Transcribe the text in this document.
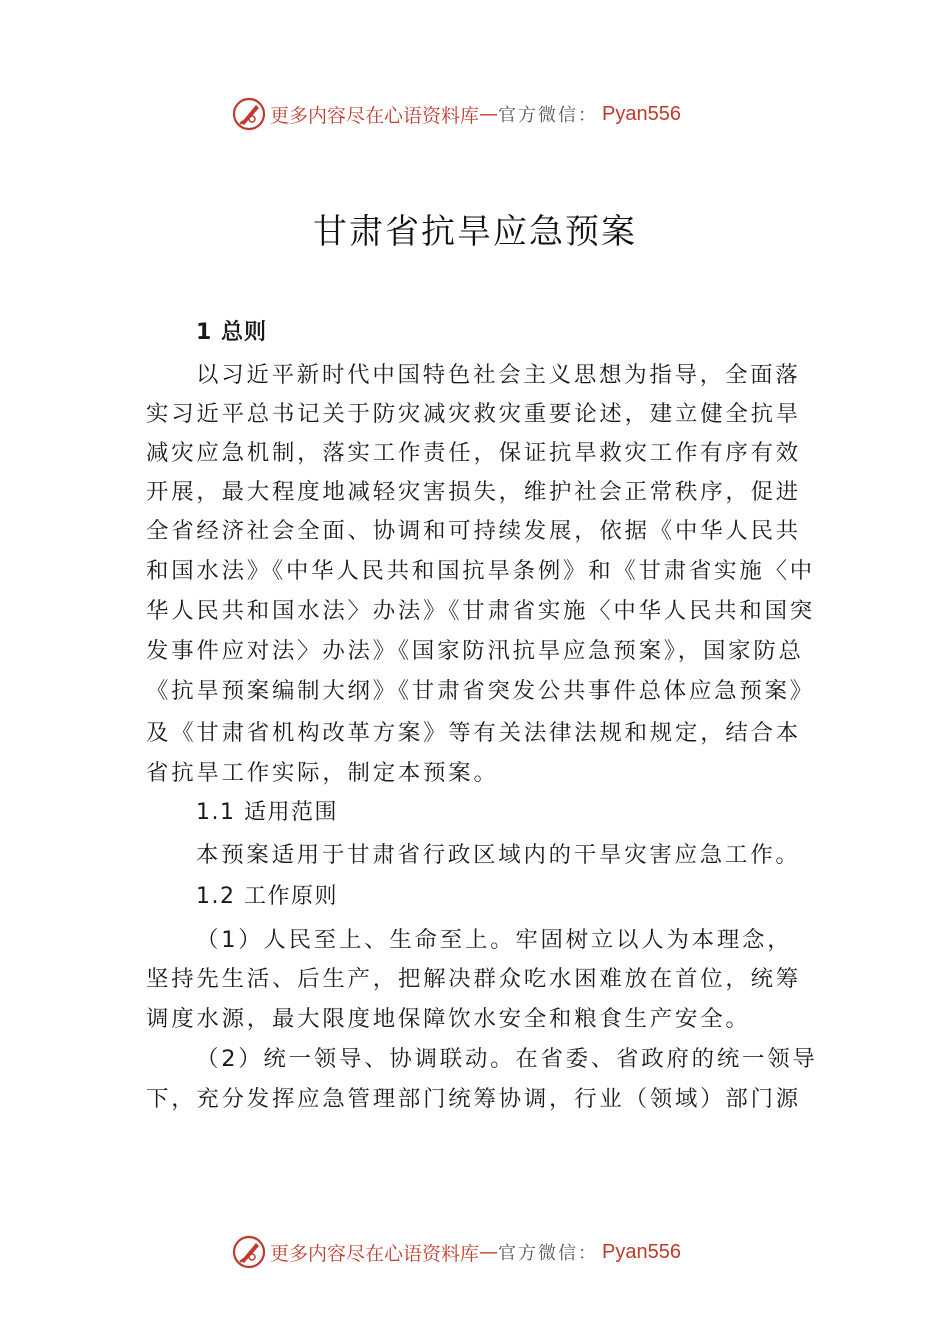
更多内容尽在心语资料库 — 官方微信： Pyan556
甘肃省抗旱应急预案
1 总则
以习近平新时代中国特色社会主义思想为指导，全面落
实习近平总书记关于防灾减灾救灾重要论述，建立健全抗旱
减灾应急机制，落实工作责任，保证抗旱救灾工作有序有效
开展，最大程度地减轻灾害损失，维护社会正常秩序，促进
全省经济社会全面、协调和可持续发展，依据《中华人民共
和国水法》《中华人民共和国抗旱条例》和《甘肃省实施〈中
华人民共和国水法〉办法》《甘肃省实施〈中华人民共和国突
发事件应对法〉办法》《国家防汛抗旱应急预案》，国家防总
《抗旱预案编制大纲》《甘肃省突发公共事件总体应急预案》
及《甘肃省机构改革方案》等有关法律法规和规定，结合本
省抗旱工作实际，制定本预案。
1.1 适用范围
本预案适用于甘肃省行政区域内的干旱灾害应急工作。
1.2 工作原则
（1）人民至上、生命至上。牢固树立以人为本理念，
坚持先生活、后生产，把解决群众吃水困难放在首位，统筹
调度水源，最大限度地保障饮水安全和粮食生产安全。
（2）统一领导、协调联动。在省委、省政府的统一领导
下，充分发挥应急管理部门统筹协调，行业（领域）部门源
更多内容尽在心语资料库 — 官方微信： Pyan556
